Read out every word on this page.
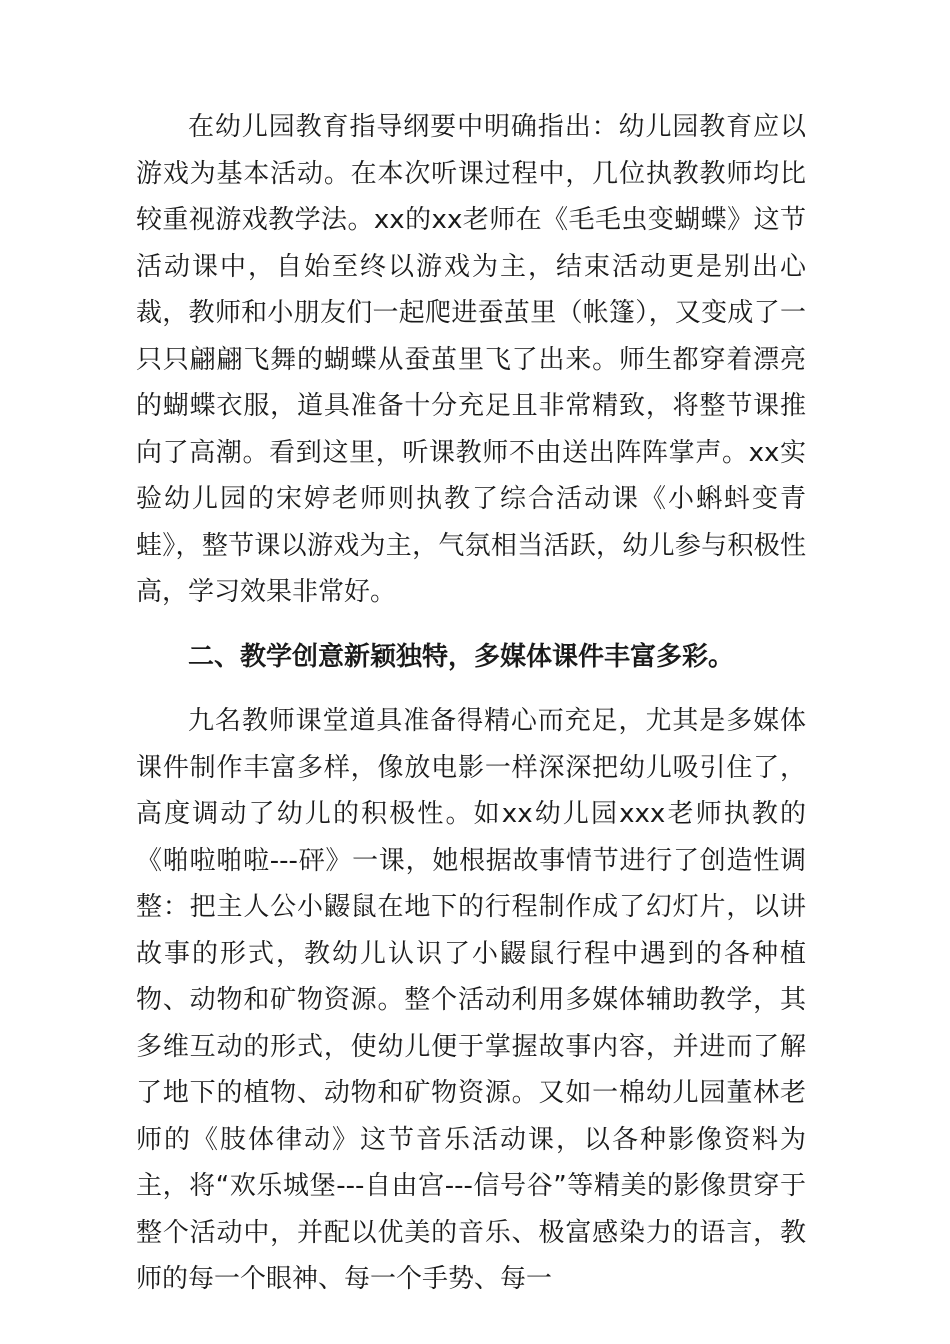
在幼儿园教育指导纲要中明确指出：幼儿园教育应以游戏为基本活动。在本次听课过程中，几位执教教师均比较重视游戏教学法。xx的xx老师在《毛毛虫变蝴蝶》这节活动课中，自始至终以游戏为主，结束活动更是别出心裁，教师和小朋友们一起爬进蚕茧里（帐篷），又变成了一只只翩翩飞舞的蝴蝶从蚕茧里飞了出来。师生都穿着漂亮的蝴蝶衣服，道具准备十分充足且非常精致，将整节课推向了高潮。看到这里，听课教师不由送出阵阵掌声。xx实验幼儿园的宋婷老师则执教了综合活动课《小蝌蚪变青蛙》，整节课以游戏为主，气氛相当活跃，幼儿参与积极性高，学习效果非常好。

二、教学创意新颖独特，多媒体课件丰富多彩。

九名教师课堂道具准备得精心而充足，尤其是多媒体课件制作丰富多样，像放电影一样深深把幼儿吸引住了，高度调动了幼儿的积极性。如xx幼儿园xxx老师执教的《啪啦啪啦---砰》一课，她根据故事情节进行了创造性调整：把主人公小鼹鼠在地下的行程制作成了幻灯片，以讲故事的形式，教幼儿认识了小鼹鼠行程中遇到的各种植物、动物和矿物资源。整个活动利用多媒体辅助教学，其多维互动的形式，使幼儿便于掌握故事内容，并进而了解了地下的植物、动物和矿物资源。又如一棉幼儿园董林老师的《肢体律动》这节音乐活动课，以各种影像资料为主，将“欢乐城堡---自由宫---信号谷”等精美的影像贯穿于整个活动中，并配以优美的音乐、极富感染力的语言，教师的每一个眼神、每一个手势、每一
